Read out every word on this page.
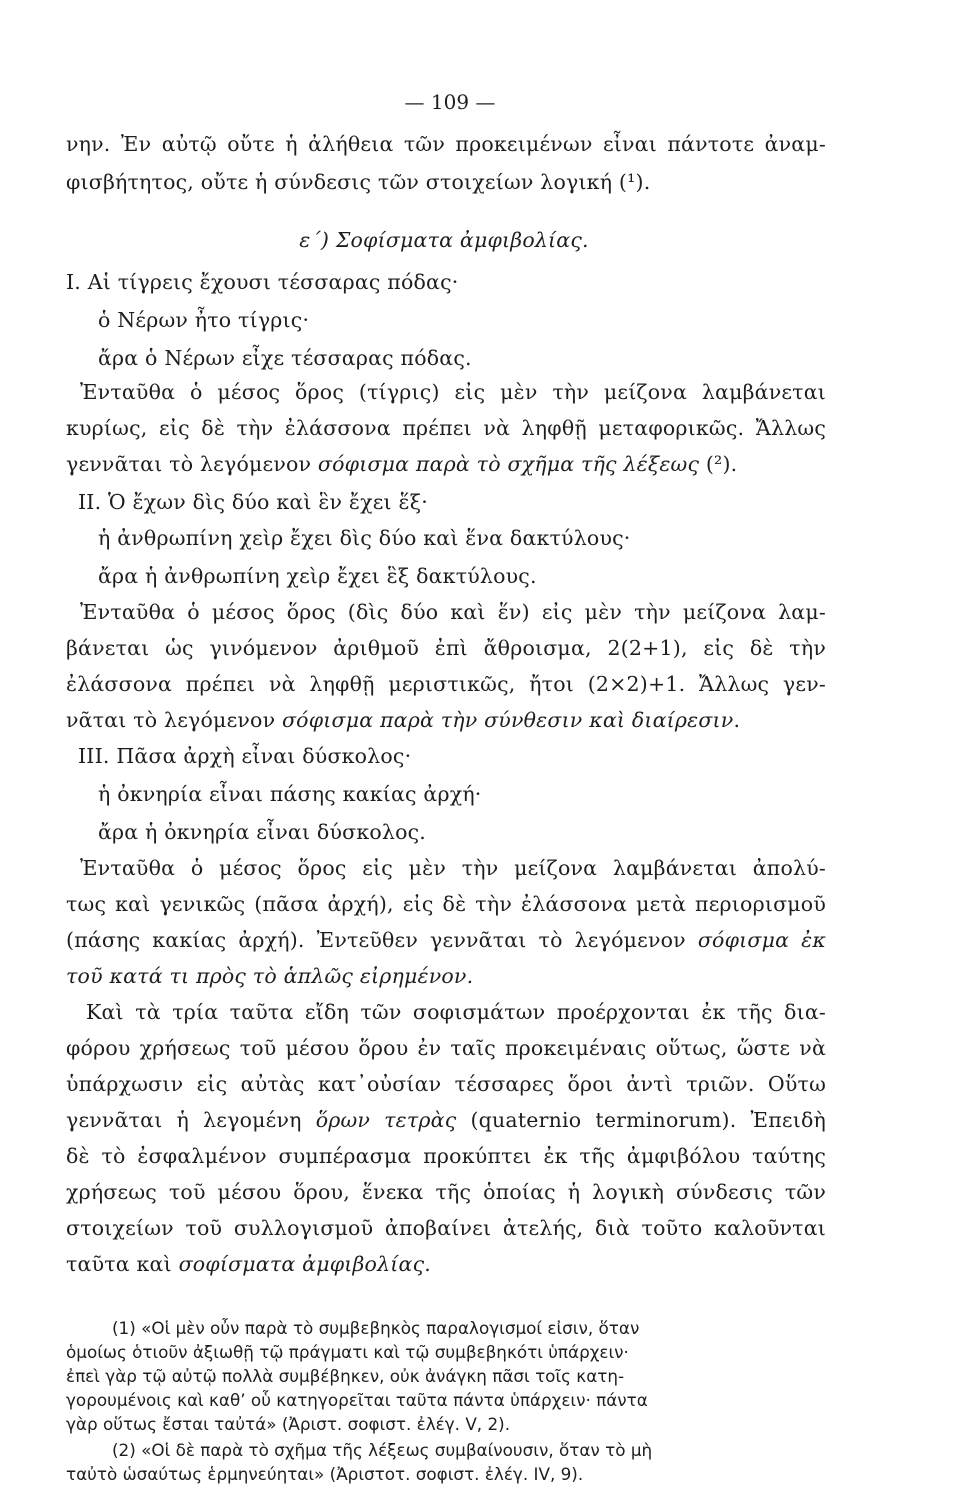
— 109 —
νην. Ἐν αὐτῷ οὔτε ἡ ἀλήθεια τῶν προκειμένων εἶναι πάντοτε ἀναμ-
φισβήτητος, οὔτε ἡ σύνδεσις τῶν στοιχείων λογική (¹).
ε΄) Σοφίσματα ἀμφιβολίας.
I. Αἱ τίγρεις ἔχουσι τέσσαρας πόδας·
ὁ Νέρων ἦτο τίγρις·
ἄρα ὁ Νέρων εἶχε τέσσαρας πόδας.
Ἐνταῦθα ὁ μέσος ὅρος (τίγρις) εἰς μὲν τὴν μείζονα λαμβάνεται
κυρίως, εἰς δὲ τὴν ἐλάσσονα πρέπει νὰ ληφθῇ μεταφορικῶς. Ἄλλως
γεννᾶται τὸ λεγόμενον σόφισμα παρὰ τὸ σχῆμα τῆς λέξεως (²).
II. Ὁ ἔχων δὶς δύο καὶ ἓν ἔχει ἕξ·
ἡ ἀνθρωπίνη χεὶρ ἔχει δὶς δύο καὶ ἕνα δακτύλους·
ἄρα ἡ ἀνθρωπίνη χεὶρ ἔχει ἓξ δακτύλους.
Ἐνταῦθα ὁ μέσος ὅρος (δὶς δύο καὶ ἕν) εἰς μὲν τὴν μείζονα λαμ-
βάνεται ὡς γινόμενον ἀριθμοῦ ἐπὶ ἄθροισμα, 2(2+1), εἰς δὲ τὴν
ἐλάσσονα πρέπει νὰ ληφθῇ μεριστικῶς, ἤτοι (2×2)+1. Ἄλλως γεν-
νᾶται τὸ λεγόμενον σόφισμα παρὰ τὴν σύνθεσιν καὶ διαίρεσιν.
III. Πᾶσα ἀρχὴ εἶναι δύσκολος·
ἡ ὀκνηρία εἶναι πάσης κακίας ἀρχή·
ἄρα ἡ ὀκνηρία εἶναι δύσκολος.
Ἐνταῦθα ὁ μέσος ὅρος εἰς μὲν τὴν μείζονα λαμβάνεται ἀπολύ-
τως καὶ γενικῶς (πᾶσα ἀρχή), εἰς δὲ τὴν ἐλάσσονα μετὰ περιορισμοῦ
(πάσης κακίας ἀρχή). Ἐντεῦθεν γεννᾶται τὸ λεγόμενον σόφισμα ἐκ
τοῦ κατά τι πρὸς τὸ ἁπλῶς εἰρημένον.
Καὶ τὰ τρία ταῦτα εἴδη τῶν σοφισμάτων προέρχονται ἐκ τῆς δια-
φόρου χρήσεως τοῦ μέσου ὅρου ἐν ταῖς προκειμέναις οὕτως, ὥστε νὰ
ὑπάρχωσιν εἰς αὐτὰς κατ᾽οὐσίαν τέσσαρες ὅροι ἀντὶ τριῶν. Οὕτω
γεννᾶται ἡ λεγομένη ὅρων τετρὰς (quaternio terminorum). Ἐπειδὴ
δὲ τὸ ἐσφαλμένον συμπέρασμα προκύπτει ἐκ τῆς ἀμφιβόλου ταύτης
χρήσεως τοῦ μέσου ὅρου, ἕνεκα τῆς ὁποίας ἡ λογικὴ σύνδεσις τῶν
στοιχείων τοῦ συλλογισμοῦ ἀποβαίνει ἀτελής, διὰ τοῦτο καλοῦνται
ταῦτα καὶ σοφίσματα ἀμφιβολίας.
(1) «Οἱ μὲν οὖν παρὰ τὸ συμβεβηκὸς παραλογισμοί εἰσιν, ὅταν
ὁμοίως ὁτιοῦν ἀξιωθῇ τῷ πράγματι καὶ τῷ συμβεβηκότι ὑπάρχειν·
ἐπεὶ γὰρ τῷ αὐτῷ πολλὰ συμβέβηκεν, οὐκ ἀνάγκη πᾶσι τοῖς κατη-
γορουμένοις καὶ καθ’ οὗ κατηγορεῖται ταῦτα πάντα ὑπάρχειν· πάντα
γὰρ οὕτως ἔσται ταὐτά» (Ἀριστ. σοφιστ. ἐλέγ. V, 2).
(2) «Οἱ δὲ παρὰ τὸ σχῆμα τῆς λέξεως συμβαίνουσιν, ὅταν τὸ μὴ
ταὐτὸ ὡσαύτως ἑρμηνεύηται» (Ἀριστοτ. σοφιστ. ἐλέγ. IV, 9).
